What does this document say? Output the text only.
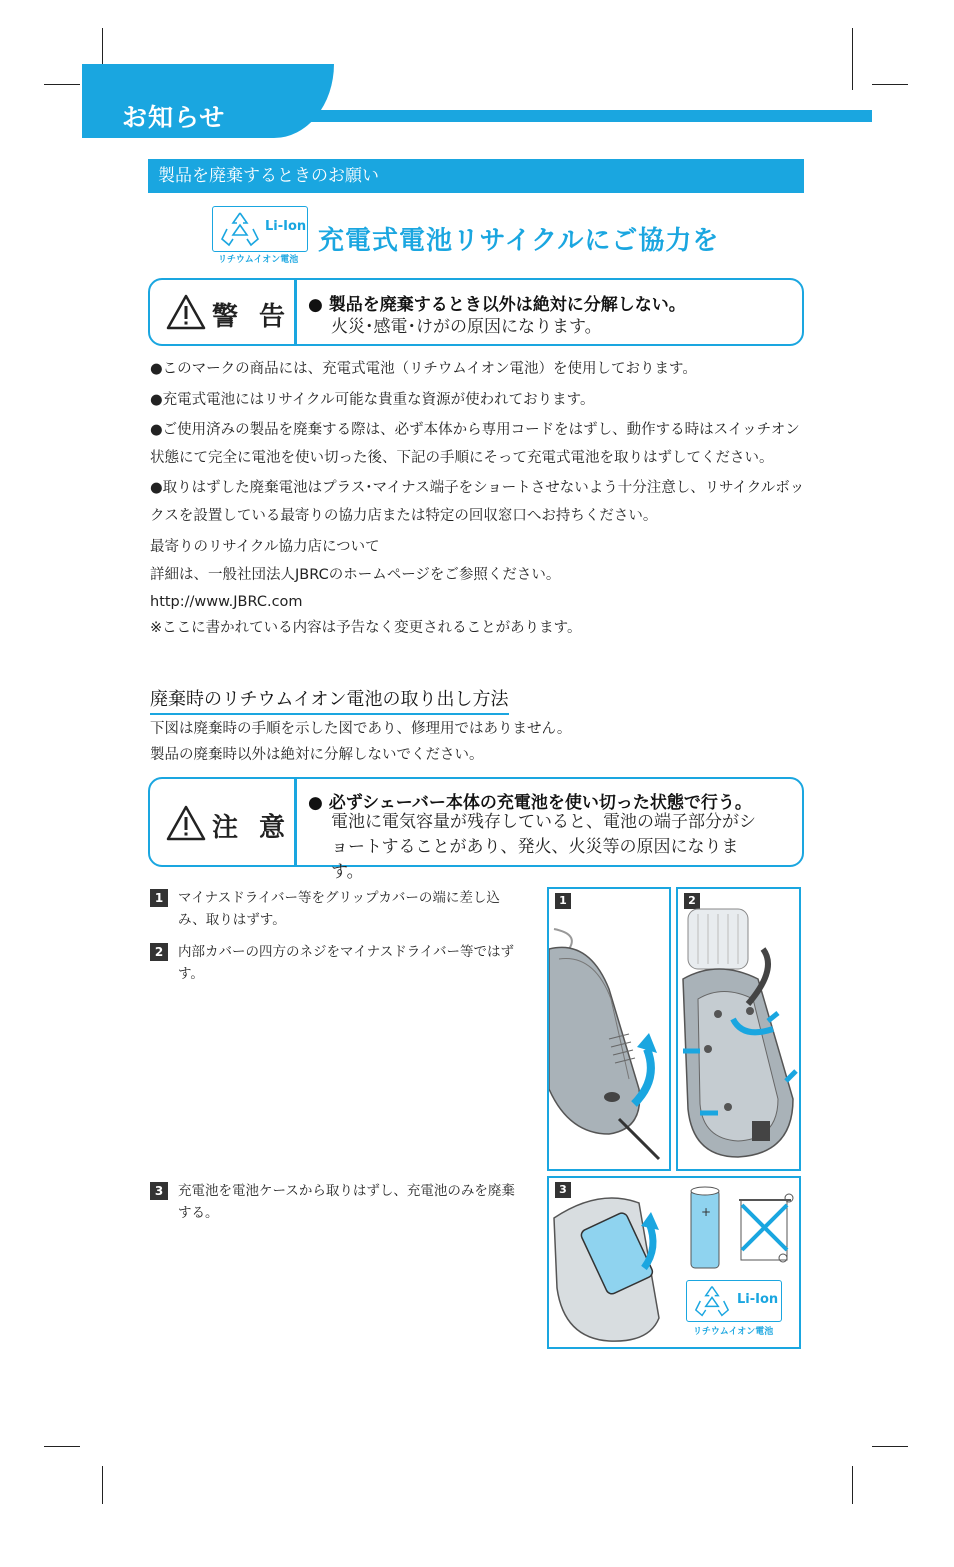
お知らせ
製品を廃棄するときのお願い
Li-Ion
リチウムイオン電池
充電式電池リサイクルにご協力を
警 告 ● 製品を廃棄するとき以外は絶対に分解しない。
火災･感電･けがの原因になります。
●このマークの商品には、充電式電池（リチウムイオン電池）を使用しております。
●充電式電池にはリサイクル可能な貴重な資源が使われております。
●ご使用済みの製品を廃棄する際は、必ず本体から専用コードをはずし、動作する時はスイッチオン状態にて完全に電池を使い切った後、下記の手順にそって充電式電池を取りはずしてください。
●取りはずした廃棄電池はプラス･マイナス端子をショートさせないよう十分注意し、リサイクルボックスを設置している最寄りの協力店または特定の回収窓口へお持ちください。
最寄りのリサイクル協力店について
詳細は、一般社団法人JBRCのホームページをご参照ください。
http://www.JBRC.com
※ここに書かれている内容は予告なく変更されることがあります。
廃棄時のリチウムイオン電池の取り出し方法
下図は廃棄時の手順を示した図であり、修理用ではありません。
製品の廃棄時以外は絶対に分解しないでください。
注 意
● 必ずシェーバー本体の充電池を使い切った状態で行う。
電池に電気容量が残存していると、電池の端子部分がショートすることがあり、発火、火災等の原因になります。
1	マイナスドライバー等をグリップカバーの端に差し込み、取りはずす。
2	内部カバーの四方のネジをマイナスドライバー等ではずす。
3	充電池を電池ケースから取りはずし、充電池のみを廃棄する。
1	2
3
+
Li-Ion
リチウムイオン電池
